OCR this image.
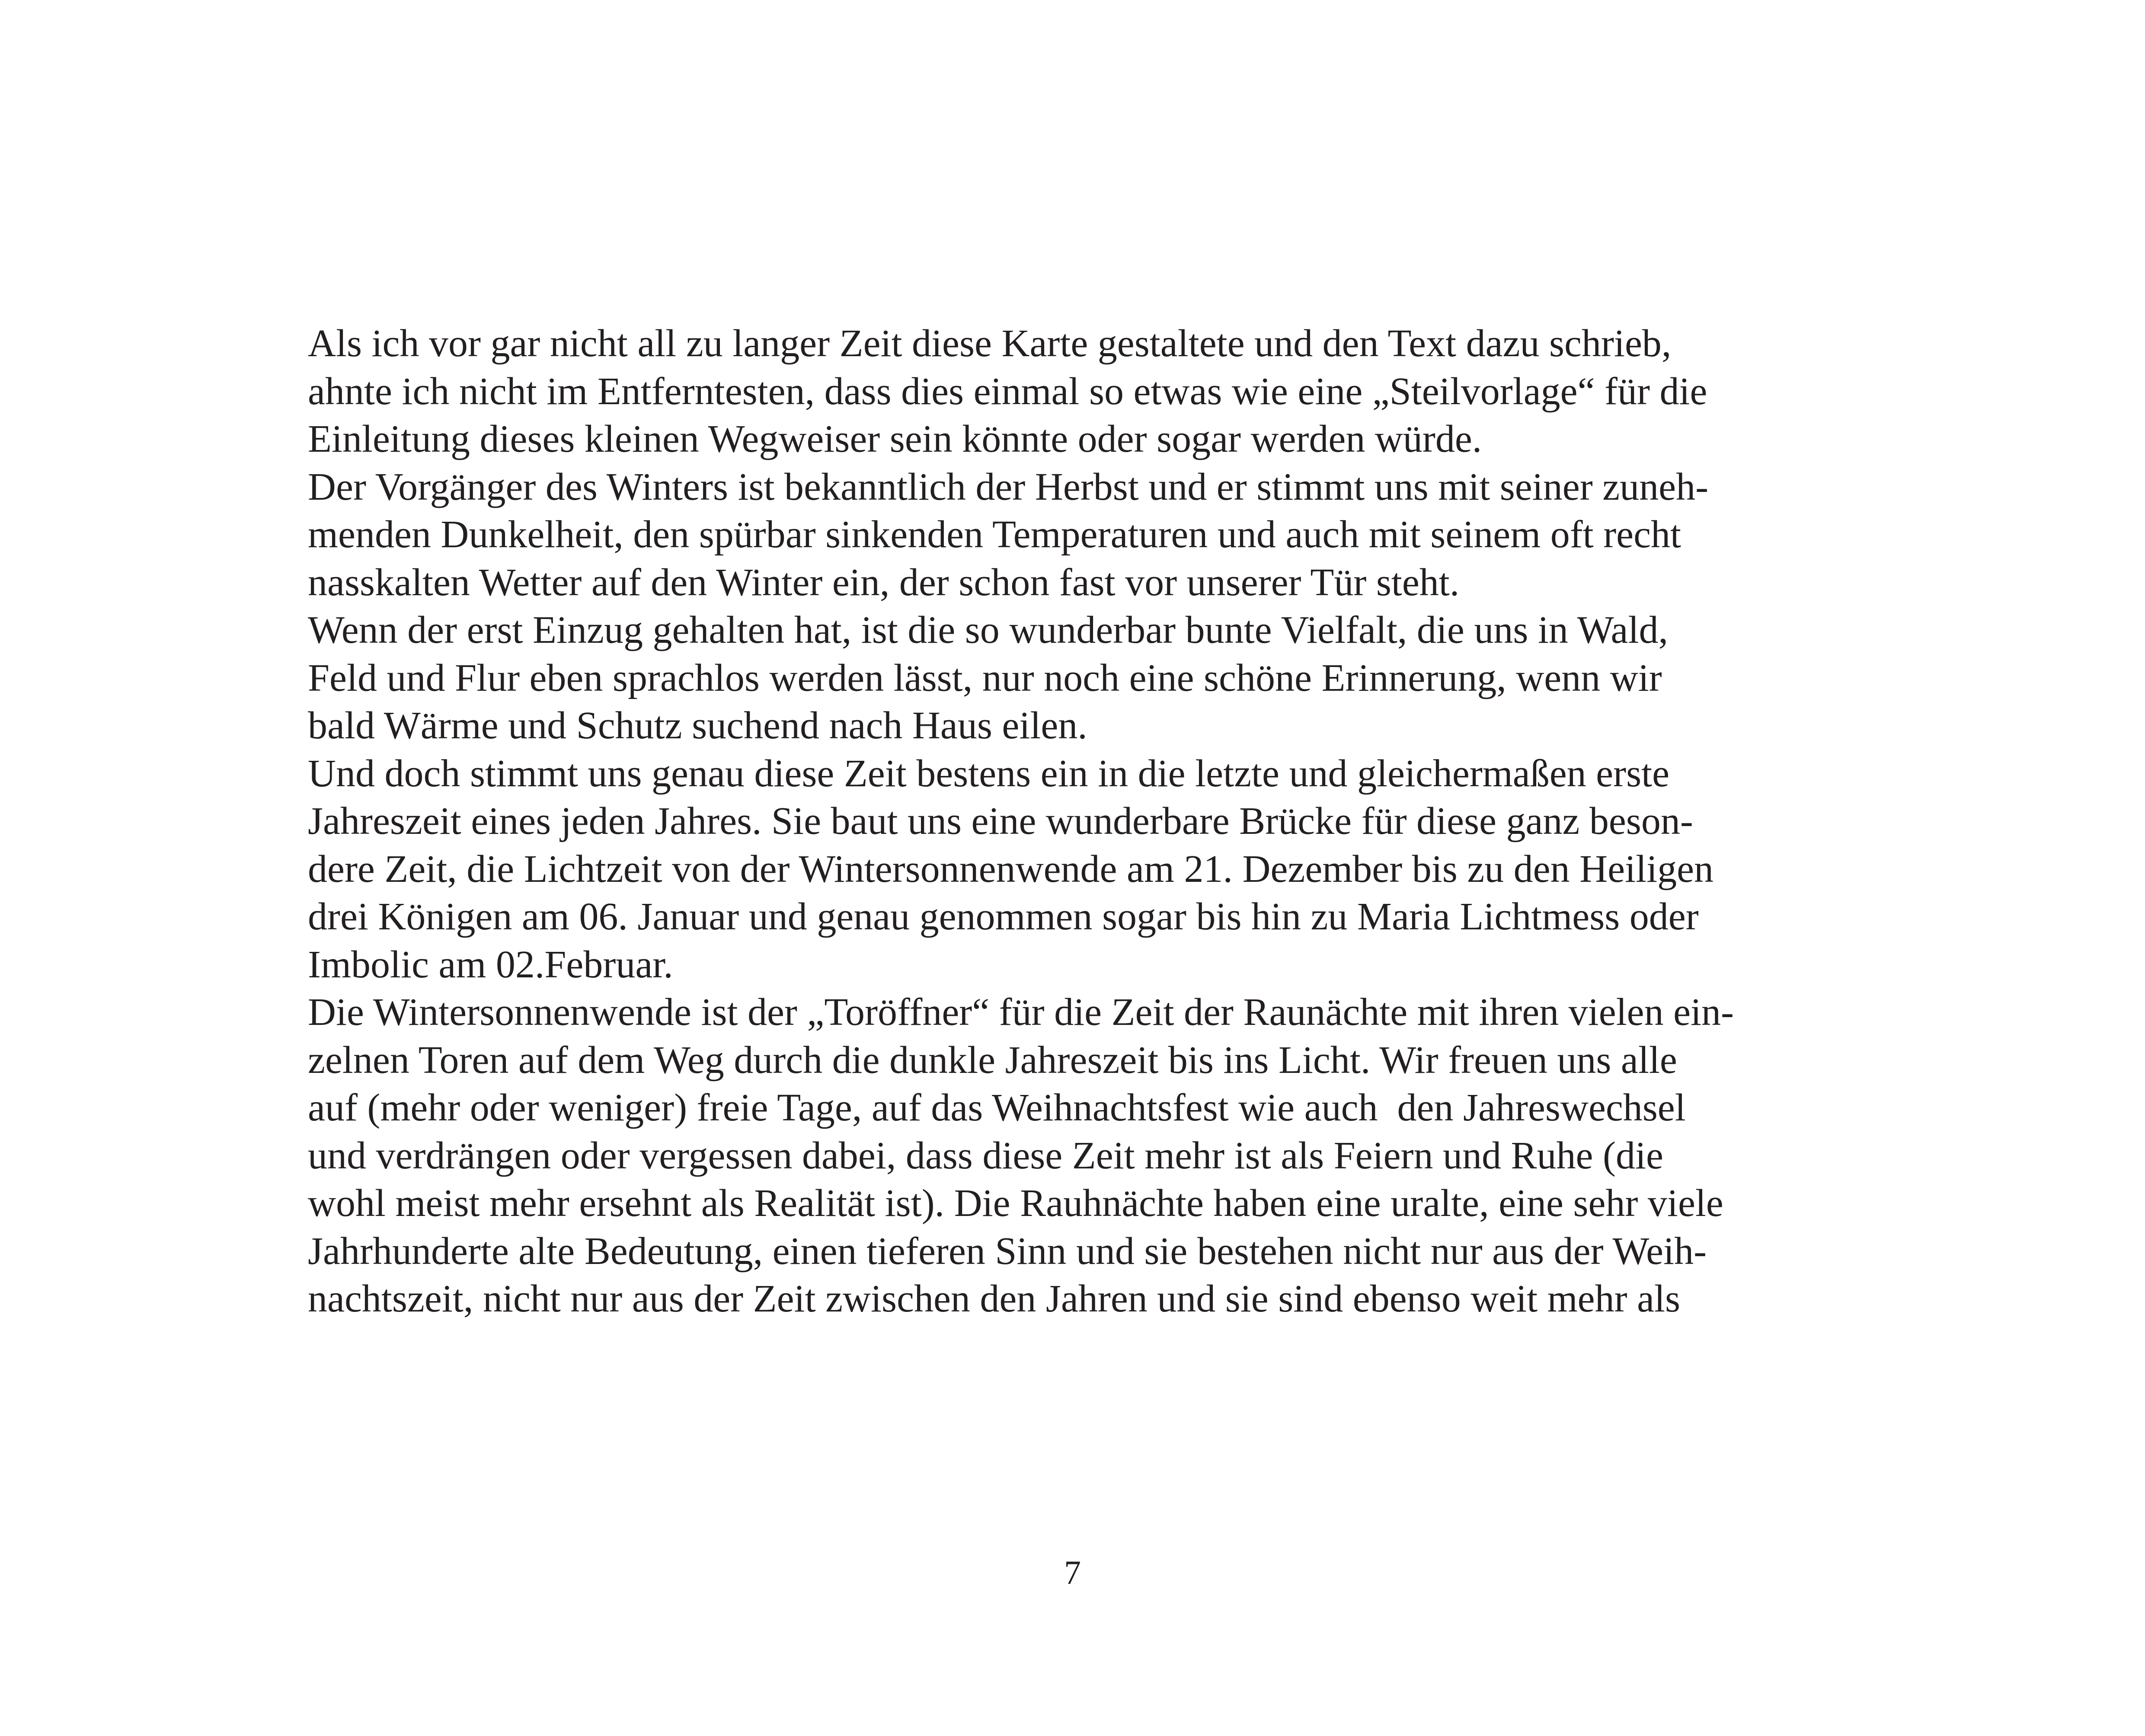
Als ich vor gar nicht all zu langer Zeit diese Karte gestaltete und den Text dazu schrieb,
ahnte ich nicht im Entferntesten, dass dies einmal so etwas wie eine „Steilvorlage“ für die
Einleitung dieses kleinen Wegweiser sein könnte oder sogar werden würde.
Der Vorgänger des Winters ist bekanntlich der Herbst und er stimmt uns mit seiner zuneh-
menden Dunkelheit, den spürbar sinkenden Temperaturen und auch mit seinem oft recht
nasskalten Wetter auf den Winter ein, der schon fast vor unserer Tür steht.
Wenn der erst Einzug gehalten hat, ist die so wunderbar bunte Vielfalt, die uns in Wald,
Feld und Flur eben sprachlos werden lässt, nur noch eine schöne Erinnerung, wenn wir
bald Wärme und Schutz suchend nach Haus eilen.
Und doch stimmt uns genau diese Zeit bestens ein in die letzte und gleichermaßen erste
Jahreszeit eines jeden Jahres. Sie baut uns eine wunderbare Brücke für diese ganz beson-
dere Zeit, die Lichtzeit von der Wintersonnenwende am 21. Dezember bis zu den Heiligen
drei Königen am 06. Januar und genau genommen sogar bis hin zu Maria Lichtmess oder
Imbolic am 02.Februar.
Die Wintersonnenwende ist der „Toröffner“ für die Zeit der Raunächte mit ihren vielen ein-
zelnen Toren auf dem Weg durch die dunkle Jahreszeit bis ins Licht. Wir freuen uns alle
auf (mehr oder weniger) freie Tage, auf das Weihnachtsfest wie auch  den Jahreswechsel
und verdrängen oder vergessen dabei, dass diese Zeit mehr ist als Feiern und Ruhe (die
wohl meist mehr ersehnt als Realität ist). Die Rauhnächte haben eine uralte, eine sehr viele
Jahrhunderte alte Bedeutung, einen tieferen Sinn und sie bestehen nicht nur aus der Weih-
nachtszeit, nicht nur aus der Zeit zwischen den Jahren und sie sind ebenso weit mehr als
7
